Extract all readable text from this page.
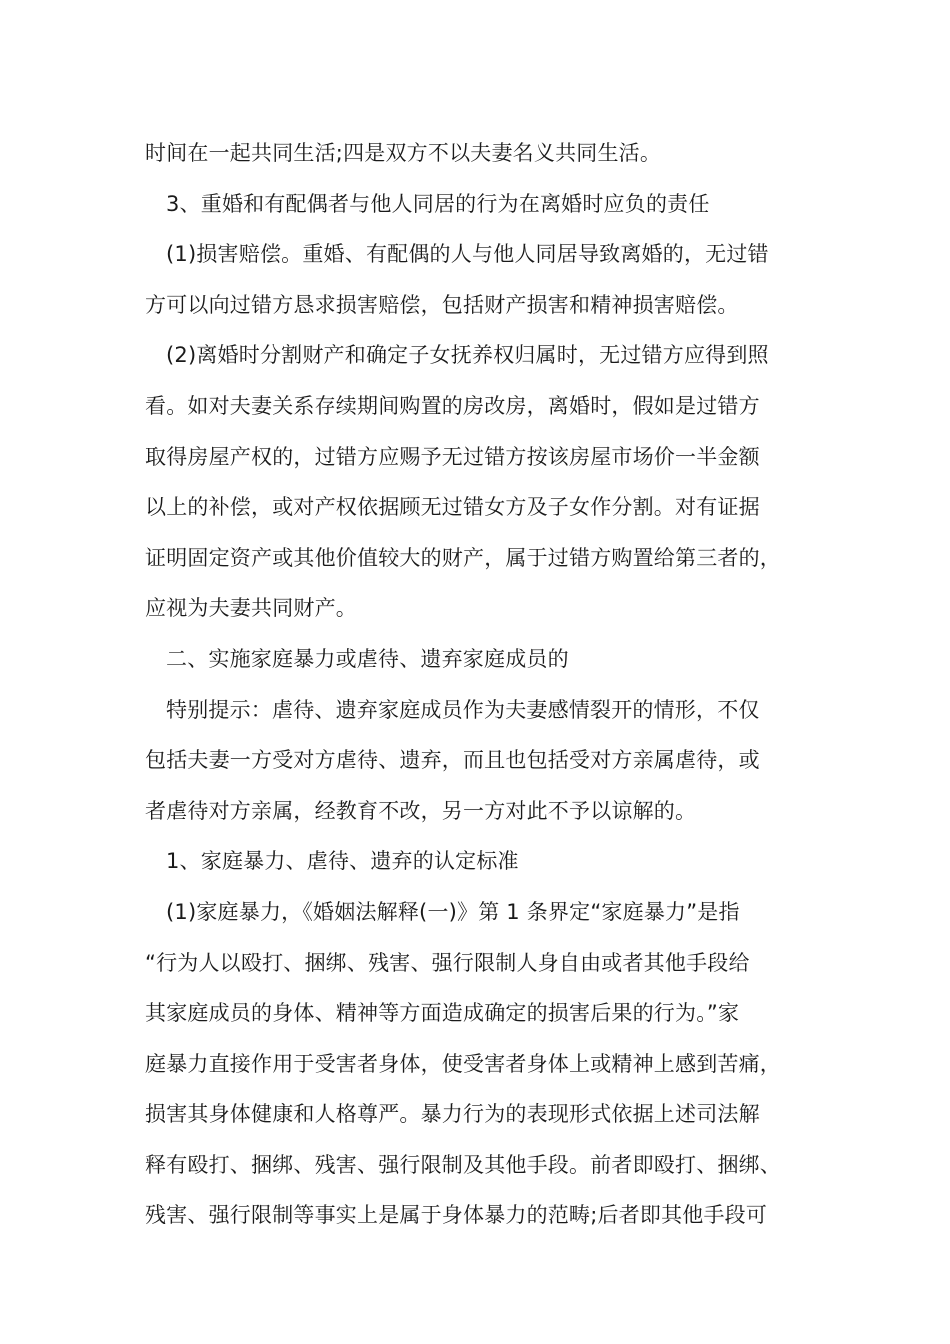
时间在一起共同生活;四是双方不以夫妻名义共同生活。
3、重婚和有配偶者与他人同居的行为在离婚时应负的责任
(1)损害赔偿。重婚、有配偶的人与他人同居导致离婚的，无过错
方可以向过错方恳求损害赔偿，包括财产损害和精神损害赔偿。
(2)离婚时分割财产和确定子女抚养权归属时，无过错方应得到照
看。如对夫妻关系存续期间购置的房改房，离婚时，假如是过错方
取得房屋产权的，过错方应赐予无过错方按该房屋市场价一半金额
以上的补偿，或对产权依据顾无过错女方及子女作分割。对有证据
证明固定资产或其他价值较大的财产，属于过错方购置给第三者的，
应视为夫妻共同财产。
二、实施家庭暴力或虐待、遗弃家庭成员的
特别提示：虐待、遗弃家庭成员作为夫妻感情裂开的情形，不仅
包括夫妻一方受对方虐待、遗弃，而且也包括受对方亲属虐待，或
者虐待对方亲属，经教育不改，另一方对此不予以谅解的。
1、家庭暴力、虐待、遗弃的认定标准
(1)家庭暴力，《婚姻法解释(一)》第 1 条界定“家庭暴力”是指
“行为人以殴打、捆绑、残害、强行限制人身自由或者其他手段给
其家庭成员的身体、精神等方面造成确定的损害后果的行为。”家
庭暴力直接作用于受害者身体，使受害者身体上或精神上感到苦痛，
损害其身体健康和人格尊严。暴力行为的表现形式依据上述司法解
释有殴打、捆绑、残害、强行限制及其他手段。前者即殴打、捆绑、
残害、强行限制等事实上是属于身体暴力的范畴;后者即其他手段可
